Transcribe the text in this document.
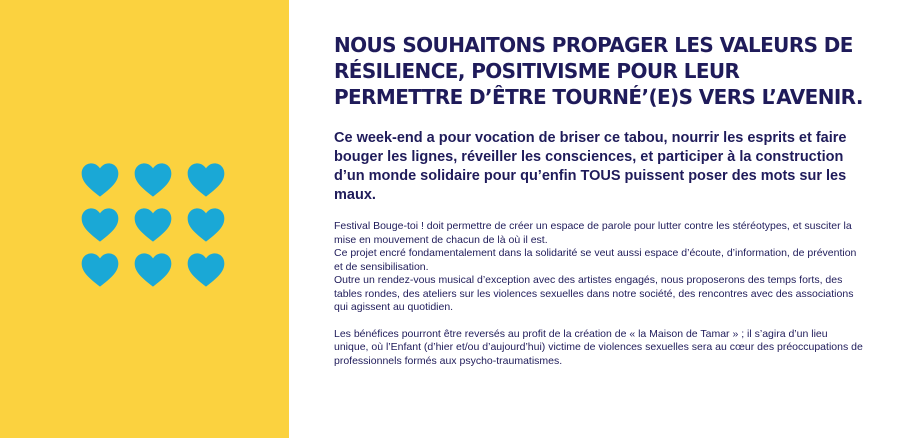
NOUS SOUHAITONS PROPAGER LES VALEURS DE RÉSILIENCE, POSITIVISME POUR LEUR PERMETTRE D’ÊTRE TOURNÉ’(E)S VERS L’AVENIR.

Ce week-end a pour vocation de briser ce tabou, nourrir les esprits et faire bouger les lignes, réveiller les consciences, et participer à la construction d’un monde solidaire pour qu’enfin TOUS puissent poser des mots sur les maux.

Festival Bouge-toi ! doit permettre de créer un espace de parole pour lutter contre les stéréotypes, et susciter la mise en mouvement de chacun de là où il est.

Ce projet encré fondamentalement dans la solidarité se veut aussi espace d’écoute, d’information, de prévention et de sensibilisation.

Outre un rendez-vous musical d’exception avec des artistes engagés, nous proposerons des temps forts, des tables rondes, des ateliers sur les violences sexuelles dans notre société, des rencontres avec des associations qui agissent au quotidien.

Les bénéfices pourront être reversés au profit de la création de « la Maison de Tamar » ; il s’agira d’un lieu unique, où l’Enfant (d’hier et/ou d’aujourd’hui) victime de violences sexuelles sera au cœur des préoccupations de professionnels formés aux psycho-traumatismes.
